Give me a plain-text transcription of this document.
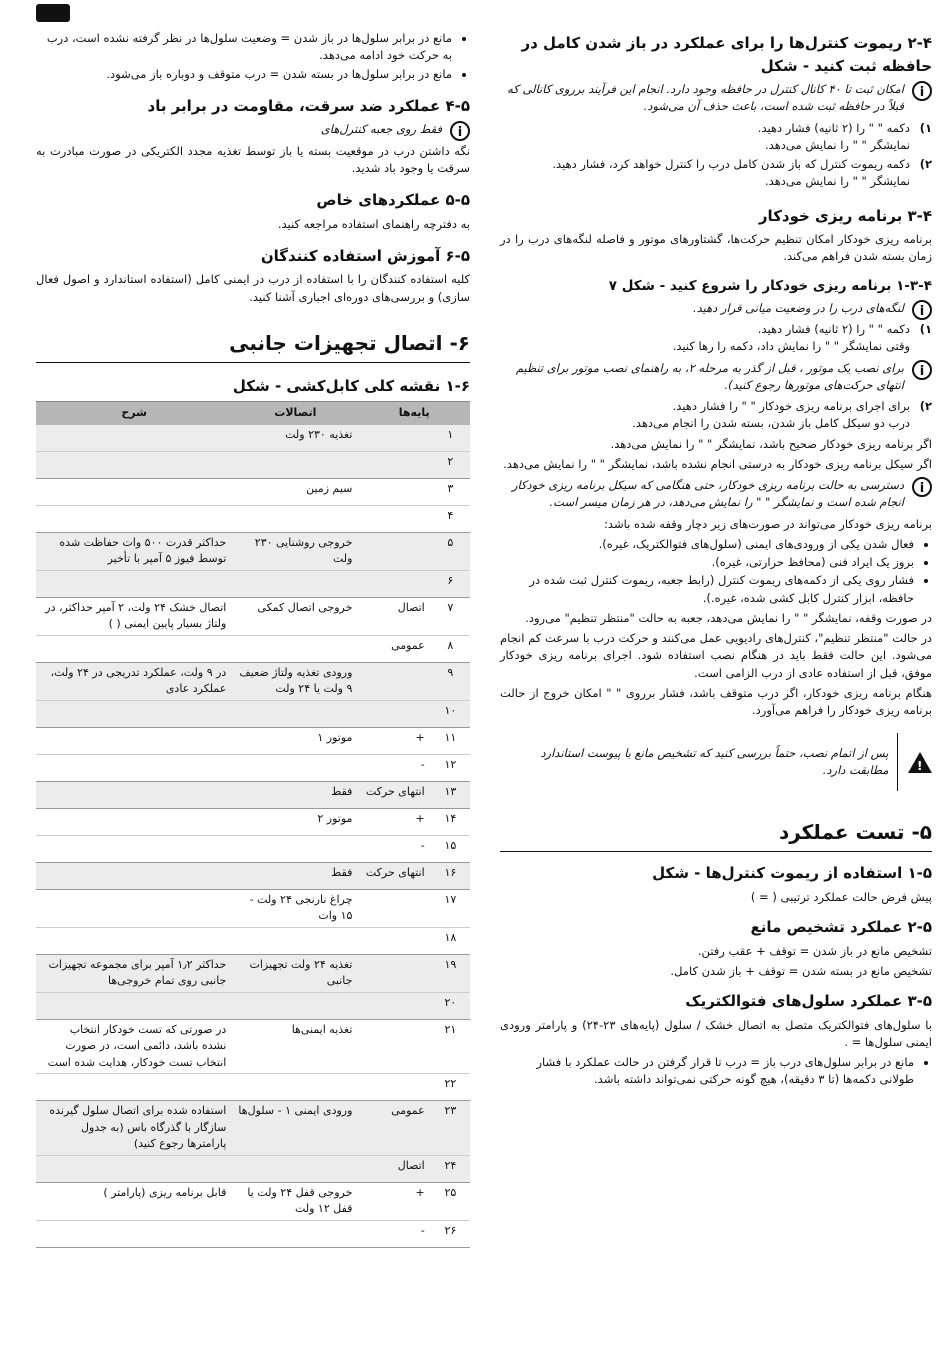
۲-۴ ریموت کنترل‌ها را برای عملکرد در باز شدن کامل در حافظه ثبت کنید - شکل
i
امکان ثبت تا ۴۰ کانال کنترل در حافظه وجود دارد. انجام این فرآیند برروی کانالی که قبلاً در حافظه ثبت شده است، باعث حذف آن می‌شود.
۱)
دکمه " " را (۲ ثانیه) فشار دهید.
نمایشگر " " را نمایش می‌دهد.
۲)
دکمه ریموت کنترل که باز شدن کامل درب را کنترل خواهد کرد، فشار دهید.
نمایشگر " " را نمایش می‌دهد.
۳-۴ برنامه ریزی خودکار

برنامه ریزی خودکار امکان تنظیم حرکت‌ها، گشتاورهای موتور و فاصله لنگه‌های درب را در زمان بسته شدن فراهم می‌کند.

۱-۳-۴ برنامه ریزی خودکار را شروع کنید - شکل ۷
i
لنگه‌های درب را در وضعیت میانی قرار دهید.
۱)
دکمه " " را (۲ ثانیه) فشار دهید.
وقتی نمایشگر " " را نمایش داد، دکمه را رها کنید.
i
برای نصب یک موتور ، قبل از گذر به مرحله ۲، به راهنمای نصب موتور برای تنظیم انتهای حرکت‌های موتورها رجوع کنید).
۲)
برای اجرای برنامه ریزی خودکار " " را فشار دهید.
درب دو سیکل کامل باز شدن، بسته شدن را انجام می‌دهد.

اگر برنامه ریزی خودکار صحیح باشد، نمایشگر " " را نمایش می‌دهد.

اگر سیکل برنامه ریزی خودکار به درستی انجام نشده باشد، نمایشگر " " را نمایش می‌دهد.

i
دسترسی به حالت برنامه ریزی خودکار، حتی هنگامی که سیکل برنامه ریزی خودکار انجام شده است و نمایشگر " " را نمایش می‌دهد، در هر زمان میسر است.

برنامه ریزی خودکار می‌تواند در صورت‌های زیر دچار وقفه شده باشد:

• فعال شدن یکی از ورودی‌های ایمنی (سلول‌های فتوالکتریک، غیره).
• بروز یک ایراد فنی (محافظ حرارتی، غیره).
• فشار روی یکی از دکمه‌های ریموت کنترل (رابط جعبه، ریموت کنترل ثبت شده در حافظه، ابزار کنترل کابل کشی شده، غیره.).

در صورت وقفه، نمایشگر " " را نمایش می‌دهد، جعبه به حالت "منتظر تنظیم" می‌رود.

در حالت "منتظر تنظیم"، کنترل‌های رادیویی عمل می‌کنند و حرکت درب با سرعت کم انجام می‌شود. این حالت فقط باید در هنگام نصب استفاده شود. اجرای برنامه ریزی خودکار موفق، قبل از استفاده عادی از درب الزامی است.

هنگام برنامه ریزی خودکار، اگر درب متوقف باشد، فشار برروی " " امکان خروج از حالت برنامه ریزی خودکار را فراهم می‌آورد.

!
پس از اتمام نصب، حتماً بررسی کنید که تشخیص مانع با پیوست استاندارد مطابقت دارد.
۵- تست عملکرد
۱-۵ استفاده از ریموت کنترل‌ها - شکل

پیش فرض حالت عملکرد ترتیبی ( = )

۲-۵ عملکرد تشخیص مانع

تشخیص مانع در باز شدن = توقف + عقب رفتن.

تشخیص مانع در بسته شدن = توقف + باز شدن کامل.

۳-۵ عملکرد سلول‌های فتوالکتریک

با سلول‌های فتوالکتریک متصل به اتصال خشک / سلول (پایه‌های ۲۳-۲۴) و پارامتر ورودی ایمنی سلول‌ها = .

• مانع در برابر سلول‌های درب باز = درب تا قرار گرفتن در حالت عملکرد با فشار طولانی دکمه‌ها (تا ۳ دقیقه)، هیچ گونه حرکتی نمی‌تواند داشته باشد.
• مانع در برابر سلول‌ها در باز شدن = وضعیت سلول‌ها در نظر گرفته نشده است، درب به حرکت خود ادامه می‌دهد.
• مانع در برابر سلول‌ها در بسته شدن = درب متوقف و دوباره باز می‌شود.
۴-۵ عملکرد ضد سرقت، مقاومت در برابر باد
i
فقط روی جعبه کنترل‌های

نگه داشتن درب در موقعیت بسته یا باز توسط تغذیه مجدد الکتریکی در صورت مبادرت به سرقت یا وجود باد شدید.

۵-۵ عملکردهای خاص

به دفترچه راهنمای استفاده مراجعه کنید.

۶-۵ آموزش استفاده کنندگان

کلیه استفاده کنندگان را با استفاده از درب در ایمنی کامل (استفاده استاندارد و اصول فعال سازی) و بررسی‌های دوره‌ای اجباری آشنا کنید.

۶- اتصال تجهیزات جانبی
۱-۶ نقشه کلی کابل‌کشی - شکل
پایه‌ها		اتصالات	شرح
۱		تغذیه ۲۳۰ ولت	
۲			
۳		سیم زمین	
۴			
۵		خروجی روشنایی ۲۳۰ ولت	حداکثر قدرت ۵۰۰ وات حفاظت شده توسط فیوز ۵ آمپر با تأخیر
۶			
۷	اتصال	خروجی اتصال کمکی	اتصال خشک ۲۴ ولت، ۲ آمپر حداکثر، در ولتاژ بسیار پایین ایمنی ( )
۸	عمومی		
۹		ورودی تغذیه ولتاژ ضعیف ۹ ولت یا ۲۴ ولت	در ۹ ولت، عملکرد تدریجی در ۲۴ ولت، عملکرد عادی
۱۰			
۱۱	+	موتور ۱	
۱۲	-		
۱۳	انتهای حرکت	فقط	
۱۴	+	موتور ۲	
۱۵	-		
۱۶	انتهای حرکت	فقط	
۱۷		چراغ نارنجی ۲۴ ولت - ۱۵ وات	
۱۸			
۱۹		تغذیه ۲۴ ولت تجهیزات جانبی	حداکثر ۱٫۲ آمپر برای مجموعه تجهیزات جانبی روی تمام خروجی‌ها
۲۰			
۲۱		تغذیه ایمنی‌ها	در صورتی که تست خودکار انتخاب نشده باشد، دائمی است، در صورت انتخاب تست خودکار، هدایت شده است
۲۲			
۲۳	عمومی	ورودی ایمنی ۱ - سلول‌ها	استفاده شده برای اتصال سلول گیرنده سازگار با گذرگاه باس (به جدول پارامترها رجوع کنید)
۲۴	اتصال		
۲۵	+	خروجی قفل ۲۴ ولت یا قفل ۱۲ ولت	قابل برنامه ریزی (پارامتر )
۲۶	-		
